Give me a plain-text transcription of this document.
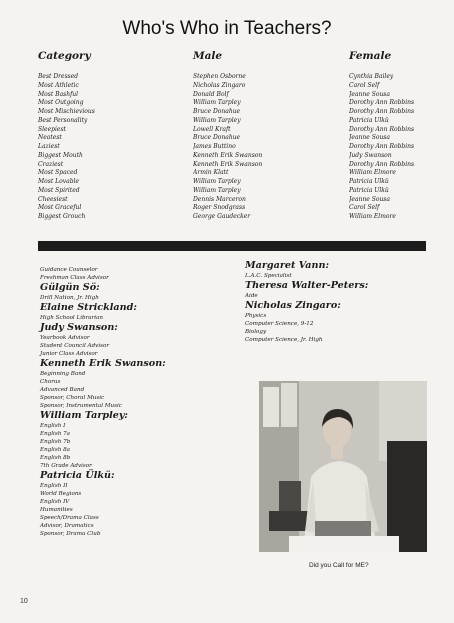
Who's Who in Teachers?
Category	Male	Female
Best Dressed
Most Athletic
Most Bashful
Most Outgoing
Most Mischievious
Best Personality
Sleepiest
Neatest
Laziest
Biggest Mouth
Craziest
Most Spaced
Most Lovable
Most Spirited
Cheesiest
Most Graceful
Biggest Grouch
Stephen Osborne
Nicholas Zingaro
Donald Bolf
William Tarpley
Bruce Donahue
William Tarpley
Lowell Kraft
Bruce Donahue
James Buttino
Kenneth Erik Swanson
Kenneth Erik Swanson
Armin Klatt
William Tarpley
William Tarpley
Dennis Marceron
Roger Snodgrass
George Gaudecker
Cynthia Bailey
Carol Self
Jeanne Sousa
Dorothy Ann Robbins
Dorothy Ann Robbins
Patricia Ülkü
Dorothy Ann Robbins
Jeanne Sousa
Dorothy Ann Robbins
Judy Swanson
Dorothy Ann Robbins
William Elmore
Patricia Ülkü
Patricia Ülkü
Jeanne Sousa
Carol Self
William Elmore
Guidance Counselor
Freshman Class Advisor
Gülgün Sö:
Drill Nation, Jr. High
Elaine Strickland:
High School Librarian
Judy Swanson:
Yearbook Advisor
Student Council Advisor
Junior Class Advisor
Kenneth Erik Swanson:
Beginning Band
Chorus
Advanced Band
Sponsor, Choral Music
Sponsor, Instrumental Music
William Tarpley:
English I
English 7a
English 7b
English 8a
English 8b
7th Grade Advisor
Patricia Ülkü:
English II
World Regions
English IV
Humanities
Speech/Drama Class
Advisor, Dramatics
Sponsor, Drama Club
Margaret Vann:
L.A.C. Specialist
Theresa Walter-Peters:
Aide
Nicholas Zingaro:
Physics
Computer Science, 9-12
Biology
Computer Science, Jr. High
Did you Call for ME?
10
